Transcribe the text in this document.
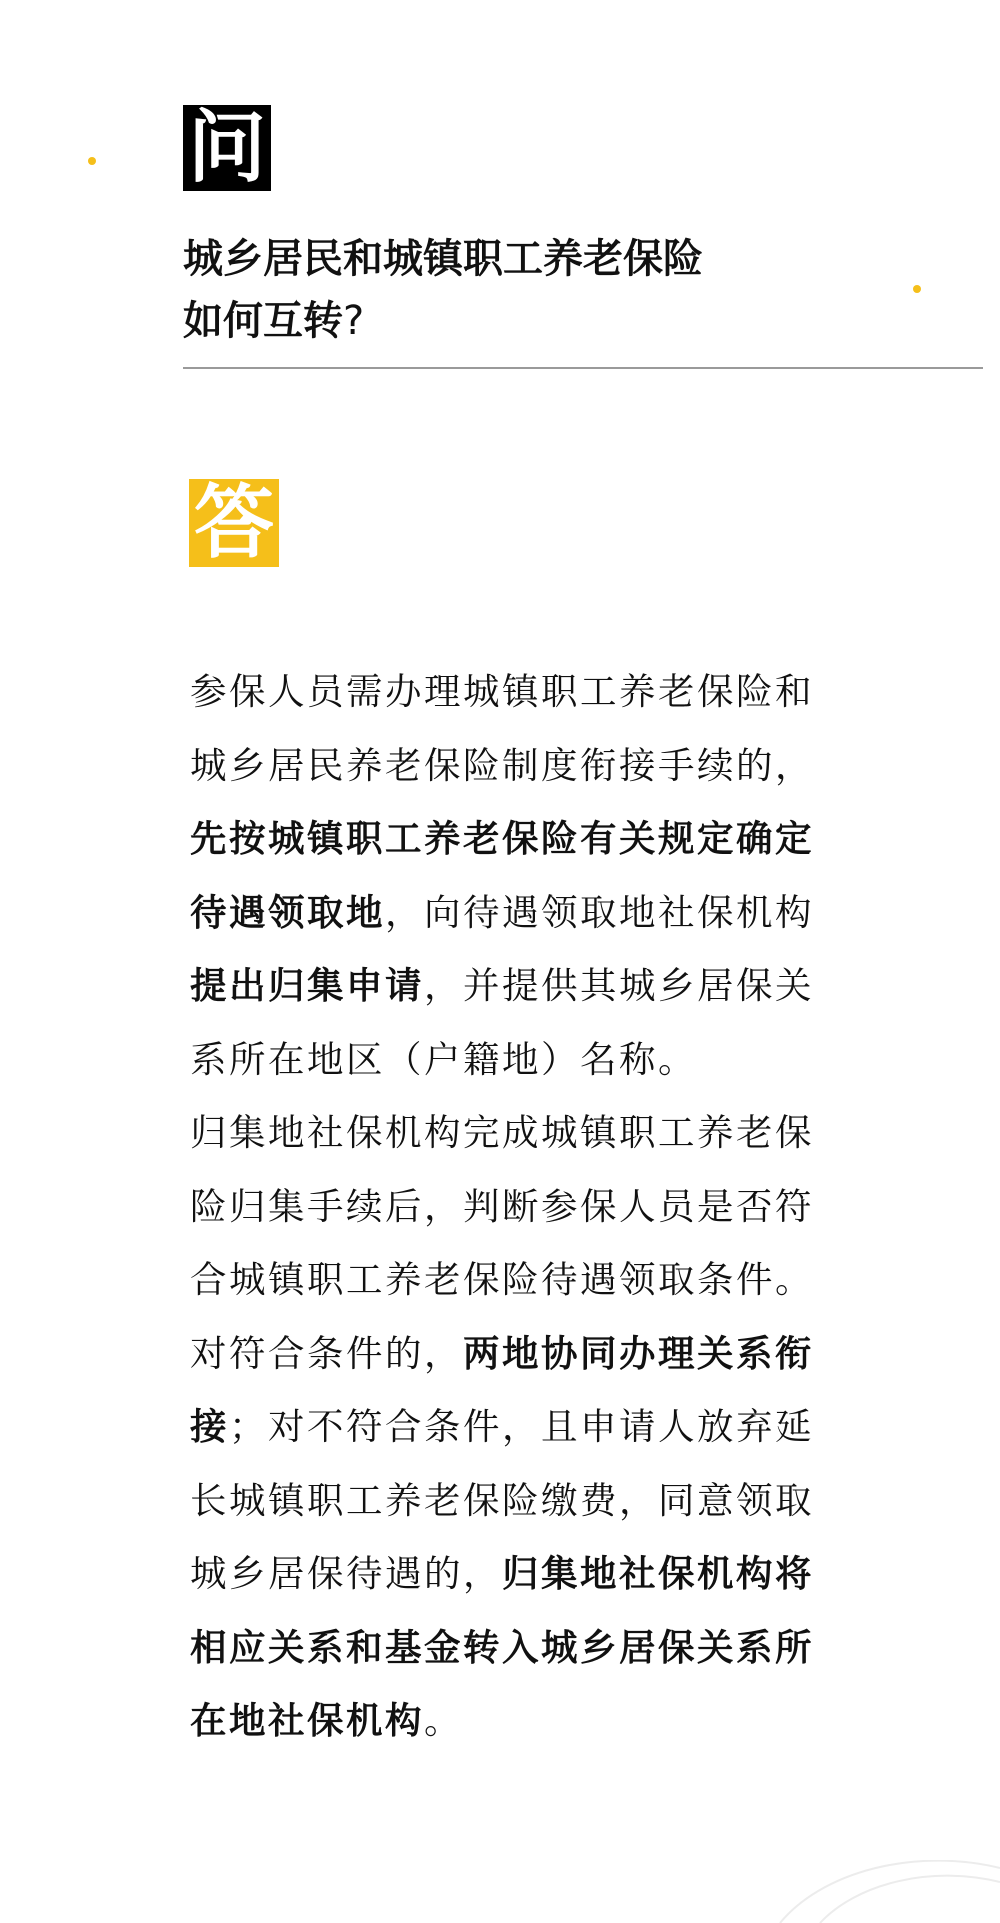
问
城乡居民和城镇职工养老保险
如何互转?
答

参保人员需办理城镇职工养老保险和城乡居民养老保险制度衔接手续的，先按城镇职工养老保险有关规定确定待遇领取地，向待遇领取地社保机构提出归集申请，并提供其城乡居保关系所在地区（户籍地）名称。

归集地社保机构完成城镇职工养老保险归集手续后，判断参保人员是否符合城镇职工养老保险待遇领取条件。

对符合条件的，两地协同办理关系衔接；对不符合条件，且申请人放弃延长城镇职工养老保险缴费，同意领取城乡居保待遇的，归集地社保机构将相应关系和基金转入城乡居保关系所在地社保机构。
